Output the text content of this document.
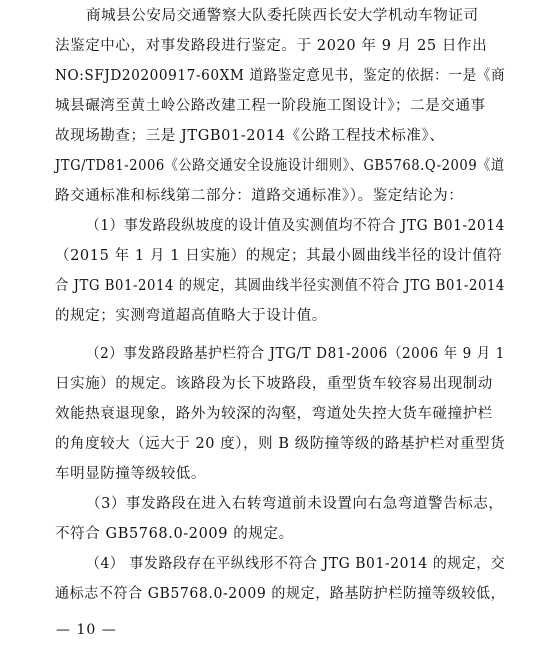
商城县公安局交通警察大队委托陕西长安大学机动车物证司
法鉴定中心，对事发路段进行鉴定。于 2020 年 9 月 25 日作出
NO:SFJD20200917-60XM 道路鉴定意见书，鉴定的依据：一是《商
城县碾湾至黄土岭公路改建工程一阶段施工图设计》；二是交通事
故现场勘查；三是 JTGB01-2014《公路工程技术标准》、
JTG/TD81-2006《公路交通安全设施设计细则》、GB5768.Q-2009《道
路交通标准和标线第二部分：道路交通标准》）。鉴定结论为：
（1）事发路段纵坡度的设计值及实测值均不符合 JTG B01-2014
（2015 年 1 月 1 日实施）的规定；其最小圆曲线半径的设计值符
合 JTG B01-2014 的规定，其圆曲线半径实测值不符合 JTG B01-2014
的规定；实测弯道超高值略大于设计值。
（2）事发路段路基护栏符合 JTG/T D81-2006（2006 年 9 月 1
日实施）的规定。该路段为长下坡路段，重型货车较容易出现制动
效能热衰退现象，路外为较深的沟壑，弯道处失控大货车碰撞护栏
的角度较大（远大于 20 度），则 B 级防撞等级的路基护栏对重型货
车明显防撞等级较低。
（3）事发路段在进入右转弯道前未设置向右急弯道警告标志，
不符合 GB5768.0-2009 的规定。
（4） 事发路段存在平纵线形不符合 JTG B01-2014 的规定，交
通标志不符合 GB5768.0-2009 的规定，路基防护栏防撞等级较低，
— 10 —
